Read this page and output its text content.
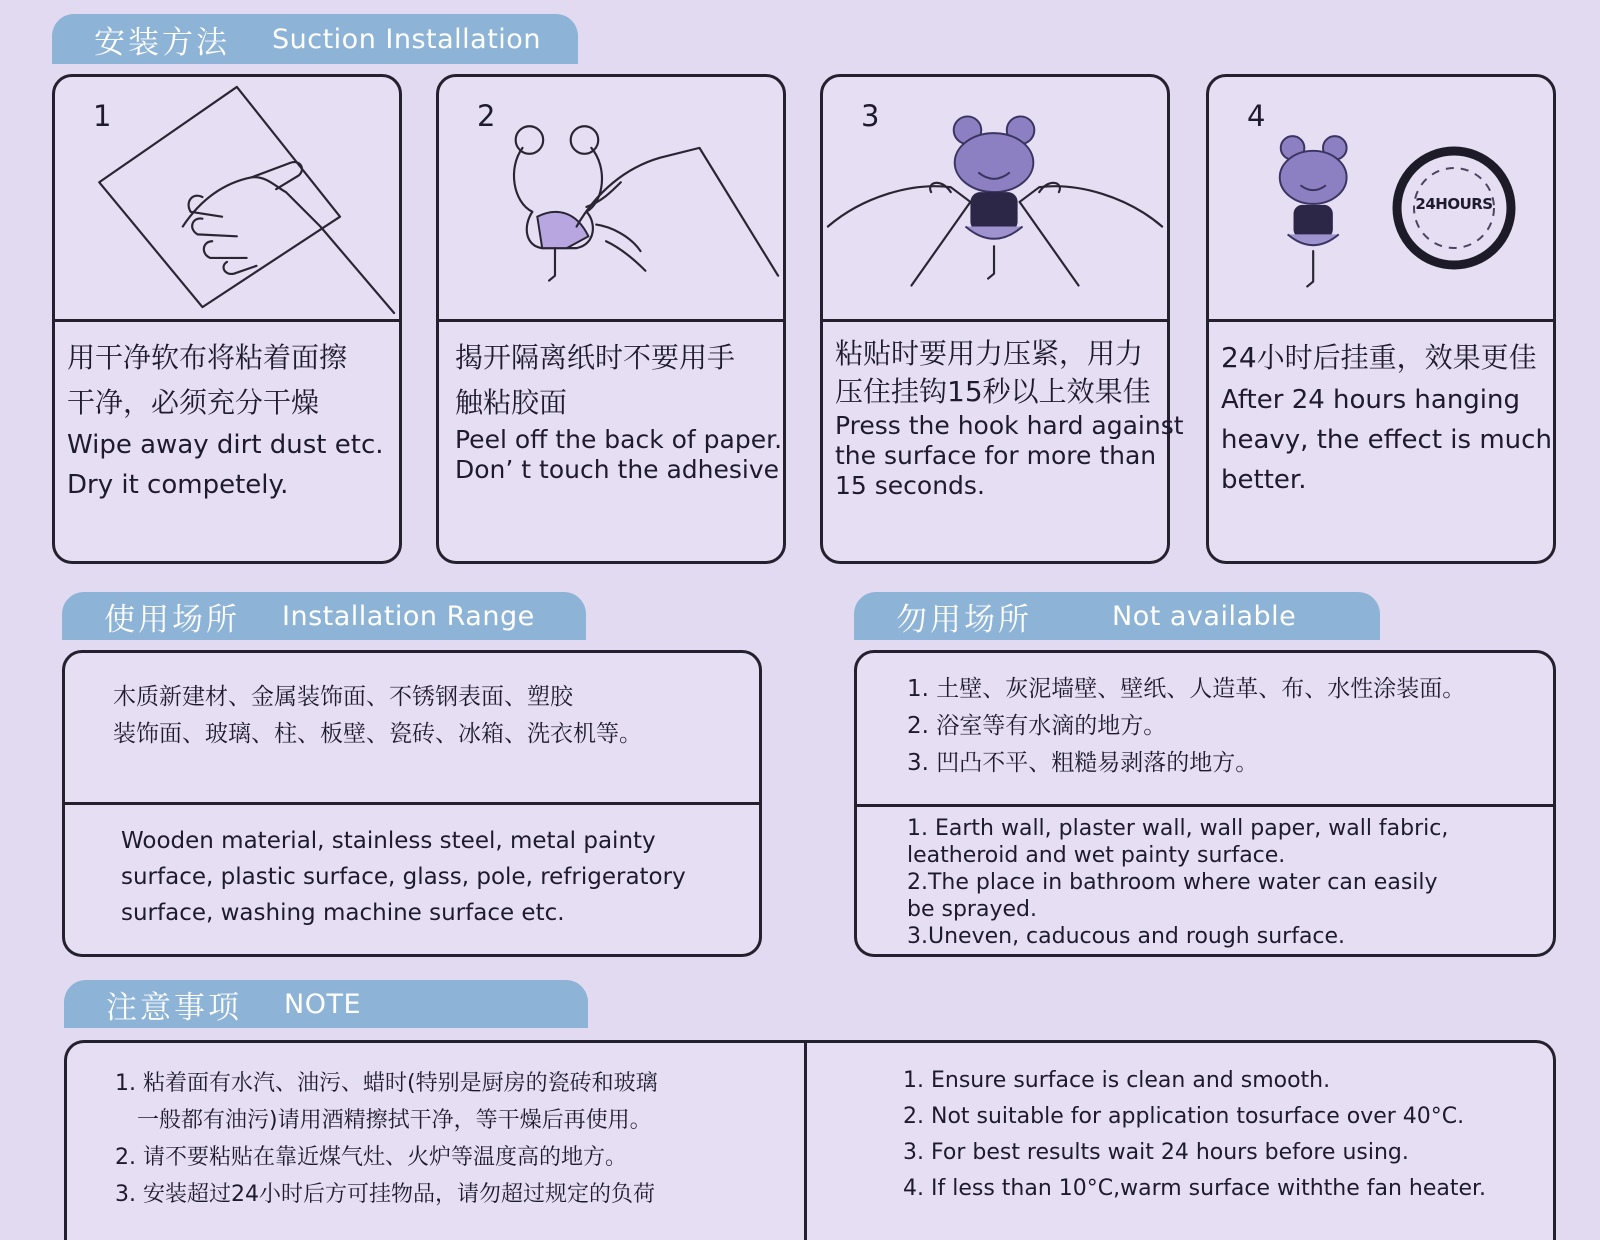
安装方法 Suction Installation
1
用干净软布将粘着面擦
干净，必须充分干燥
Wipe away dirt dust etc.
Dry it competely.
2
揭开隔离纸时不要用手
触粘胶面
Peel off the back of paper.
Don’ t touch the adhesive
3
粘贴时要用力压紧，用力
压住挂钩15秒以上效果佳
Press the hook hard against
the surface for more than
15 seconds.
24HOURS
4
24小时后挂重，效果更佳
After 24 hours hanging
heavy, the effect is much
better.
使用场所 Installation Range
木质新建材、金属装饰面、不锈钢表面、塑胶
装饰面、玻璃、柱、板壁、瓷砖、冰箱、洗衣机等。
Wooden material, stainless steel, metal painty
surface, plastic surface, glass, pole, refrigeratory
surface, washing machine surface etc.
勿用场所	Not available
1. 土壁、灰泥墙壁、壁纸、人造革、布、水性涂装面。
2. 浴室等有水滴的地方。
3. 凹凸不平、粗糙易剥落的地方。
1. Earth wall, plaster wall, wall paper, wall fabric,
leatheroid and wet painty surface.
2.The place in bathroom where water can easily
be sprayed.
3.Uneven, caducous and rough surface.
注意事项 NOTE
1. 粘着面有水汽、油污、蜡时(特别是厨房的瓷砖和玻璃
一般都有油污)请用酒精擦拭干净，等干燥后再使用。
2. 请不要粘贴在靠近煤气灶、火炉等温度高的地方。
3. 安装超过24小时后方可挂物品，请勿超过规定的负荷
1. Ensure surface is clean and smooth.
2. Not suitable for application tosurface over 40°C.
3. For best results wait 24 hours before using.
4. If less than 10°C,warm surface withthe fan heater.
